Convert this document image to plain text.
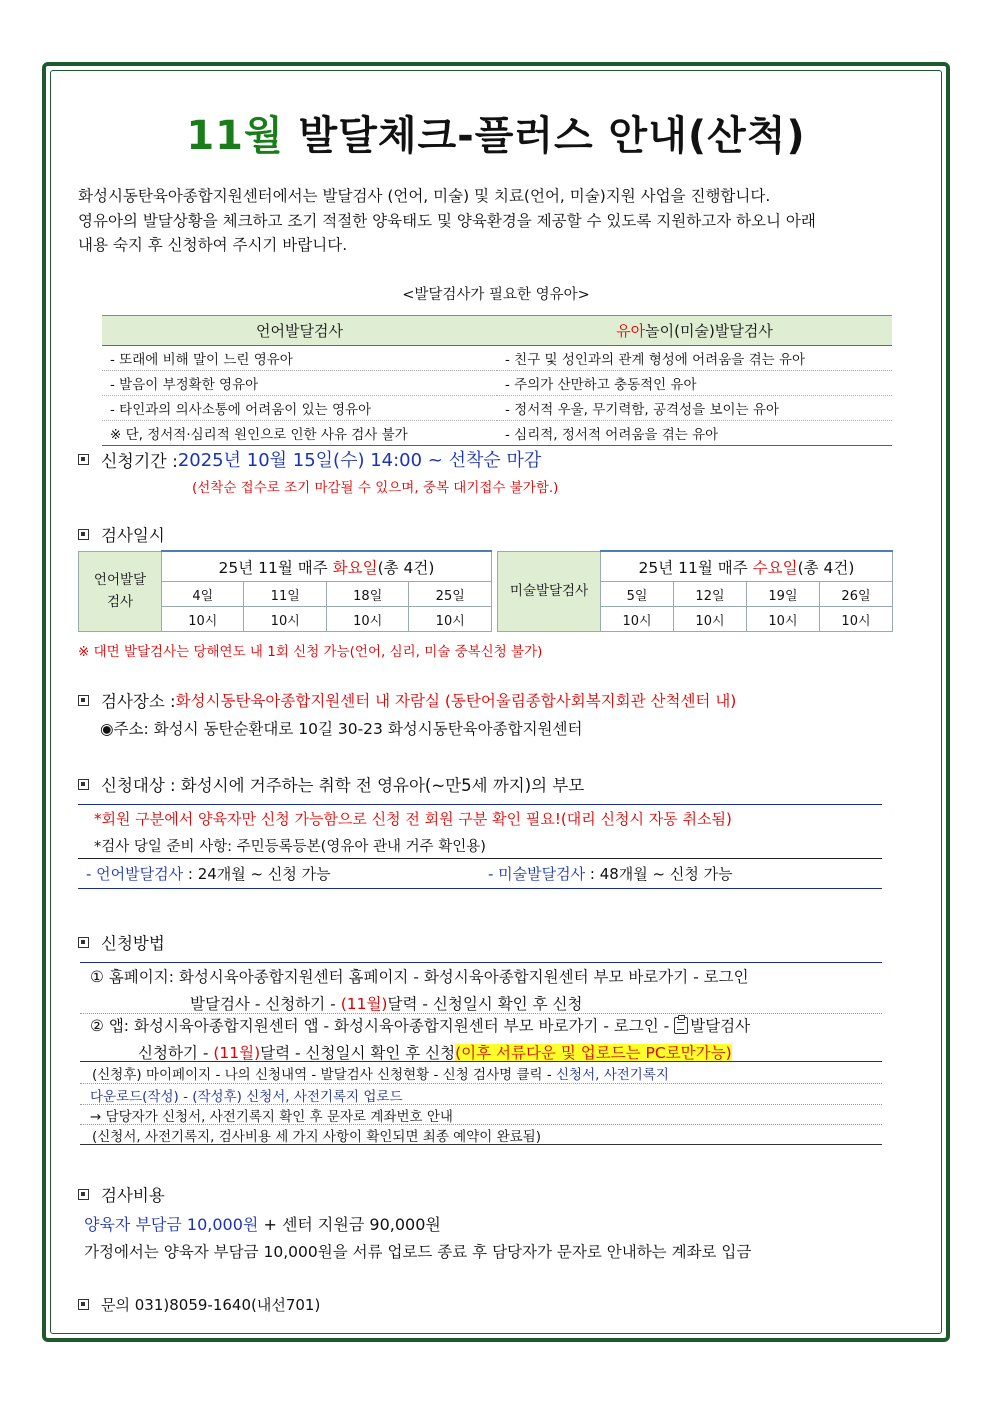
11월 발달체크-플러스 안내(산척)
화성시동탄육아종합지원센터에서는 발달검사 (언어, 미술) 및 치료(언어, 미술)지원 사업을 진행합니다.
영유아의 발달상황을 체크하고 조기 적절한 양육태도 및 양육환경을 제공할 수 있도록 지원하고자 하오니 아래
내용 숙지 후 신청하여 주시기 바랍니다.
<발달검사가 필요한 영유아>
언어발달검사	유아놀이(미술)발달검사
- 또래에 비해 말이 느린 영유아	- 친구 및 성인과의 관계 형성에 어려움을 겪는 유아
- 발음이 부정확한 영유아	- 주의가 산만하고 충동적인 유아
- 타인과의 의사소통에 어려움이 있는 영유아	- 정서적 우울, 무기력함, 공격성을 보이는 유아
※ 단, 정서적·심리적 원인으로 인한 사유 검사 불가	- 심리적, 정서적 어려움을 겪는 유아
신청기간 : 2025년 10월 15일(수) 14:00 ~ 선착순 마감
(선착순 접수로 조기 마감될 수 있으며, 중복 대기접수 불가함.)
검사일시
언어발달
검사	25년 11월 매주 화요일(총 4건)			
	4일	11일	18일	25일
	10시	10시	10시	10시
미술발달검사	25년 11월 매주 수요일(총 4건)			
	5일	12일	19일	26일
	10시	10시	10시	10시
※ 대면 발달검사는 당해연도 내 1회 신청 가능(언어, 심리, 미술 중복신청 불가)
검사장소 : 화성시동탄육아종합지원센터 내 자람실 (동탄어울림종합사회복지회관 산척센터 내)
◉주소: 화성시 동탄순환대로 10길 30-23 화성시동탄육아종합지원센터
신청대상 : 화성시에 거주하는 취학 전 영유아(~만5세 까지)의 부모
*회원 구분에서 양육자만 신청 가능함으로 신청 전 회원 구분 확인 필요!(대리 신청시 자동 취소됨)
*검사 당일 준비 사항: 주민등록등본(영유아 관내 거주 확인용)
- 언어발달검사 : 24개월 ~ 신청 가능	- 미술발달검사 : 48개월 ~ 신청 가능
신청방법
① 홈페이지: 화성시육아종합지원센터 홈페이지 - 화성시육아종합지원센터 부모 바로가기 - 로그인
발달검사 - 신청하기 - (11월)달력 - 신청일시 확인 후 신청
② 앱: 화성시육아종합지원센터 앱 - 화성시육아종합지원센터 부모 바로가기 - 로그인 - 발달검사
신청하기 - (11월)달력 - 신청일시 확인 후 신청(이후 서류다운 및 업로드는 PC로만가능)
(신청후) 마이페이지 - 나의 신청내역 - 발달검사 신청현황 - 신청 검사명 클릭 - 신청서, 사전기록지
다운로드(작성) - (작성후) 신청서, 사전기록지 업로드
→ 담당자가 신청서, 사전기록지 확인 후 문자로 계좌번호 안내
(신청서, 사전기록지, 검사비용 세 가지 사항이 확인되면 최종 예약이 완료됨)
검사비용
양육자 부담금 10,000원 + 센터 지원금 90,000원
가정에서는 양육자 부담금 10,000원을 서류 업로드 종료 후 담당자가 문자로 안내하는 계좌로 입금
문의 031)8059-1640(내선701)
